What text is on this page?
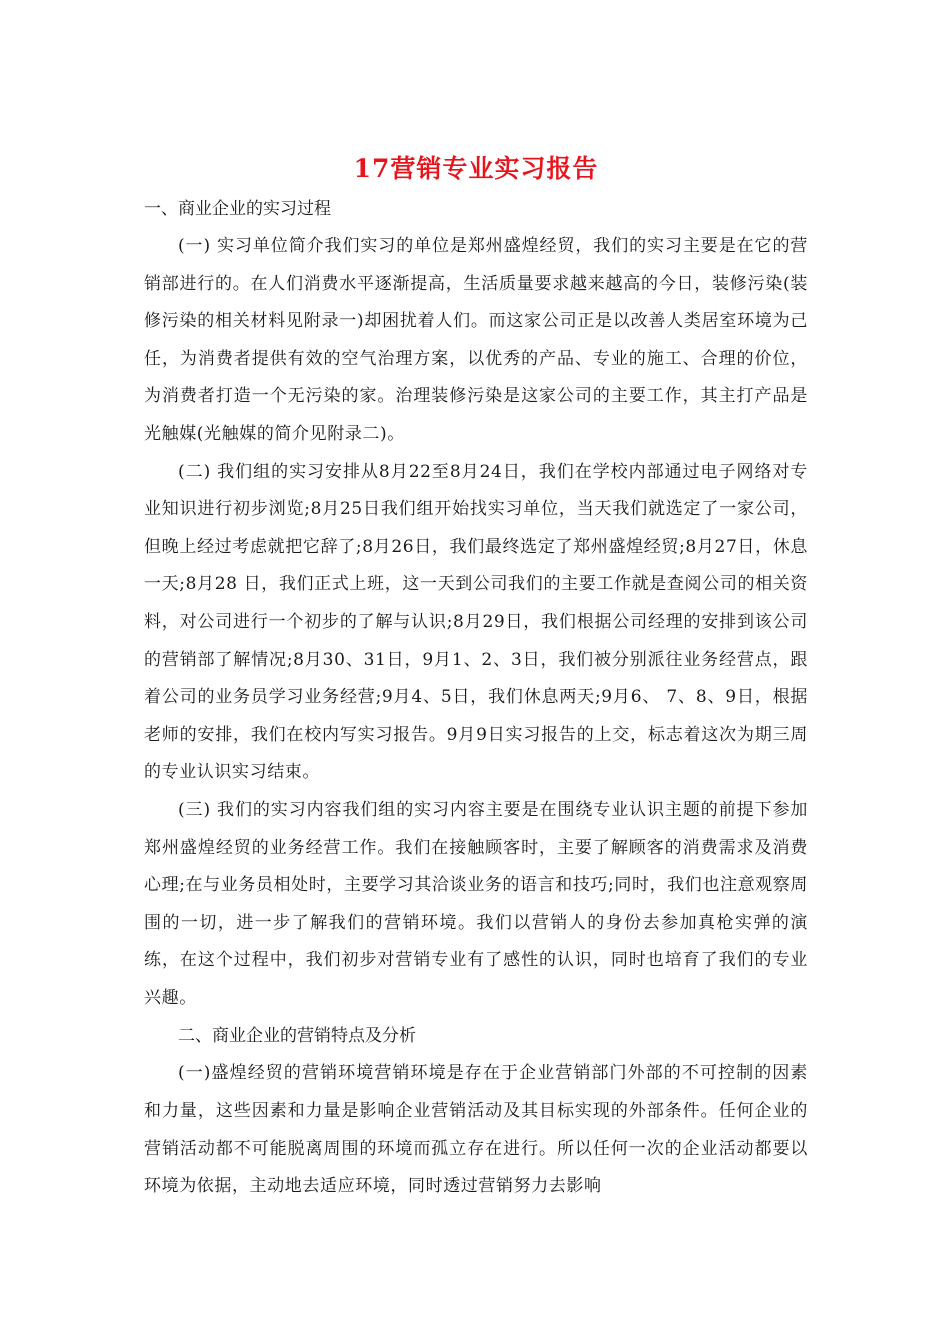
17营销专业实习报告

一、商业企业的实习过程

(一) 实习单位简介我们实习的单位是郑州盛煌经贸，我们的实习主要是在它的营销部进行的。在人们消费水平逐渐提高，生活质量要求越来越高的今日，装修污染(装修污染的相关材料见附录一)却困扰着人们。而这家公司正是以改善人类居室环境为己任，为消费者提供有效的空气治理方案，以优秀的产品、专业的施工、合理的价位，为消费者打造一个无污染的家。治理装修污染是这家公司的主要工作，其主打产品是光触媒(光触媒的简介见附录二)。

(二) 我们组的实习安排从8月22至8月24日，我们在学校内部通过电子网络对专业知识进行初步浏览;8月25日我们组开始找实习单位，当天我们就选定了一家公司，但晚上经过考虑就把它辞了;8月26日，我们最终选定了郑州盛煌经贸;8月27日，休息一天;8月28 日，我们正式上班，这一天到公司我们的主要工作就是查阅公司的相关资料，对公司进行一个初步的了解与认识;8月29日，我们根据公司经理的安排到该公司的营销部了解情况;8月30、31日，9月1、2、3日，我们被分别派往业务经营点，跟着公司的业务员学习业务经营;9月4、5日，我们休息两天;9月6、 7、8、9日，根据老师的安排，我们在校内写实习报告。9月9日实习报告的上交，标志着这次为期三周的专业认识实习结束。

(三) 我们的实习内容我们组的实习内容主要是在围绕专业认识主题的前提下参加郑州盛煌经贸的业务经营工作。我们在接触顾客时，主要了解顾客的消费需求及消费心理;在与业务员相处时，主要学习其洽谈业务的语言和技巧;同时，我们也注意观察周围的一切，进一步了解我们的营销环境。我们以营销人的身份去参加真枪实弹的演练，在这个过程中，我们初步对营销专业有了感性的认识，同时也培育了我们的专业兴趣。

二、商业企业的营销特点及分析

(一)盛煌经贸的营销环境营销环境是存在于企业营销部门外部的不可控制的因素和力量，这些因素和力量是影响企业营销活动及其目标实现的外部条件。任何企业的营销活动都不可能脱离周围的环境而孤立存在进行。所以任何一次的企业活动都要以环境为依据，主动地去适应环境，同时透过营销努力去影响
